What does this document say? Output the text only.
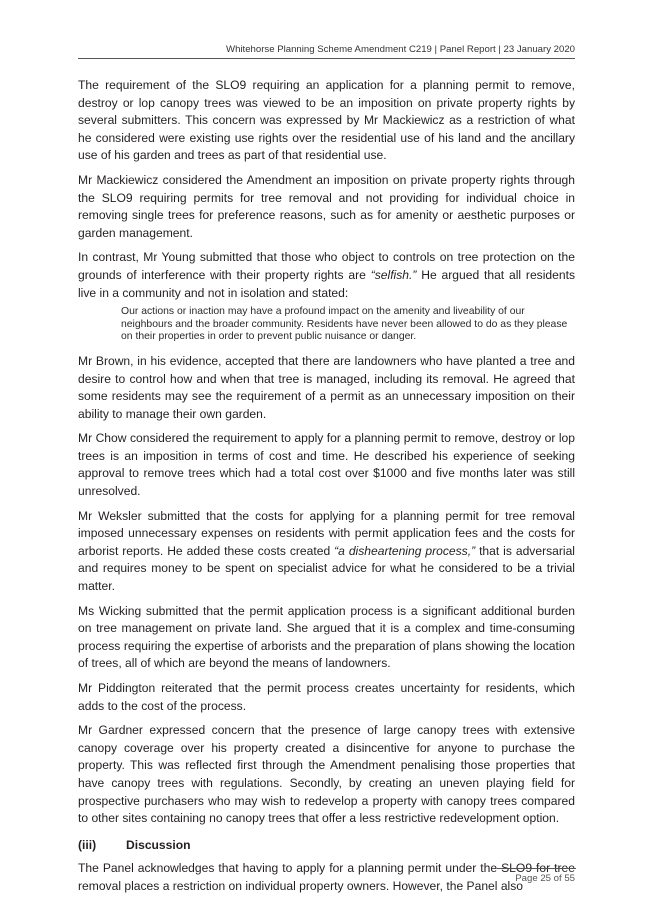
Whitehorse Planning Scheme Amendment C219 | Panel Report | 23 January 2020

The requirement of the SLO9 requiring an application for a planning permit to remove, destroy or lop canopy trees was viewed to be an imposition on private property rights by several submitters. This concern was expressed by Mr Mackiewicz as a restriction of what he considered were existing use rights over the residential use of his land and the ancillary use of his garden and trees as part of that residential use.

Mr Mackiewicz considered the Amendment an imposition on private property rights through the SLO9 requiring permits for tree removal and not providing for individual choice in removing single trees for preference reasons, such as for amenity or aesthetic purposes or garden management.

In contrast, Mr Young submitted that those who object to controls on tree protection on the grounds of interference with their property rights are “selfish.” He argued that all residents live in a community and not in isolation and stated:

Our actions or inaction may have a profound impact on the amenity and liveability of our neighbours and the broader community. Residents have never been allowed to do as they please on their properties in order to prevent public nuisance or danger.

Mr Brown, in his evidence, accepted that there are landowners who have planted a tree and desire to control how and when that tree is managed, including its removal. He agreed that some residents may see the requirement of a permit as an unnecessary imposition on their ability to manage their own garden.

Mr Chow considered the requirement to apply for a planning permit to remove, destroy or lop trees is an imposition in terms of cost and time. He described his experience of seeking approval to remove trees which had a total cost over $1000 and five months later was still unresolved.

Mr Weksler submitted that the costs for applying for a planning permit for tree removal imposed unnecessary expenses on residents with permit application fees and the costs for arborist reports. He added these costs created “a disheartening process,” that is adversarial and requires money to be spent on specialist advice for what he considered to be a trivial matter.

Ms Wicking submitted that the permit application process is a significant additional burden on tree management on private land. She argued that it is a complex and time-consuming process requiring the expertise of arborists and the preparation of plans showing the location of trees, all of which are beyond the means of landowners.

Mr Piddington reiterated that the permit process creates uncertainty for residents, which adds to the cost of the process.

Mr Gardner expressed concern that the presence of large canopy trees with extensive canopy coverage over his property created a disincentive for anyone to purchase the property. This was reflected first through the Amendment penalising those properties that have canopy trees with regulations. Secondly, by creating an uneven playing field for prospective purchasers who may wish to redevelop a property with canopy trees compared to other sites containing no canopy trees that offer a less restrictive redevelopment option.

(iii) Discussion

The Panel acknowledges that having to apply for a planning permit under the SLO9 for tree removal places a restriction on individual property owners. However, the Panel also

Page 25 of 55
